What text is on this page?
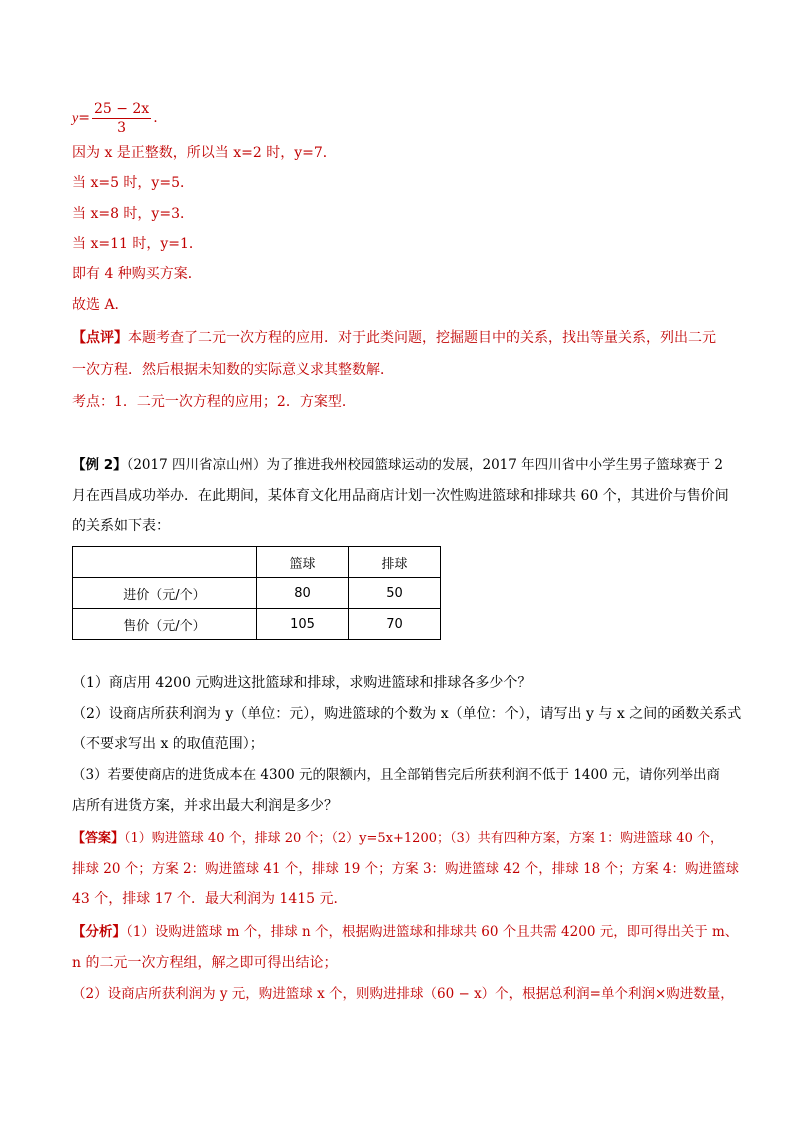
$y= \frac{25 - 2x}{3}$ .
因为 x 是正整数，所以当 x=2 时，y=7．
当 x=5 时，y=5．
当 x=8 时，y=3．
当 x=11 时，y=1．
即有 4 种购买方案．
故选 A．
【点评】本题考查了二元一次方程的应用．对于此类问题，挖掘题目中的关系，找出等量关系，列出二元
一次方程．然后根据未知数的实际意义求其整数解．
考点：1．二元一次方程的应用；2．方案型．
【例 2】（2017 四川省凉山州）为了推进我州校园篮球运动的发展，2017 年四川省中小学生男子篮球赛于 2
月在西昌成功举办．在此期间，某体育文化用品商店计划一次性购进篮球和排球共 60 个，其进价与售价间
的关系如下表：
	篮球	排球
进价（元/个）	80	50
售价（元/个）	105	70
（1）商店用 4200 元购进这批篮球和排球，求购进篮球和排球各多少个？
（2）设商店所获利润为 y（单位：元），购进篮球的个数为 x（单位：个），请写出 y 与 x 之间的函数关系式
（不要求写出 x 的取值范围）；
（3）若要使商店的进货成本在 4300 元的限额内，且全部销售完后所获利润不低于 1400 元，请你列举出商
店所有进货方案，并求出最大利润是多少？
【答案】（1）购进篮球 40 个，排球 20 个；（2）y=5x+1200；（3）共有四种方案，方案 1：购进篮球 40 个，
排球 20 个；方案 2：购进篮球 41 个，排球 19 个；方案 3：购进篮球 42 个，排球 18 个；方案 4：购进篮球
43 个，排球 17 个．最大利润为 1415 元．
【分析】（1）设购进篮球 m 个，排球 n 个，根据购进篮球和排球共 60 个且共需 4200 元，即可得出关于 m、
n 的二元一次方程组，解之即可得出结论；
（2）设商店所获利润为 y 元，购进篮球 x 个，则购进排球（60 − x）个，根据总利润=单个利润×购进数量，
